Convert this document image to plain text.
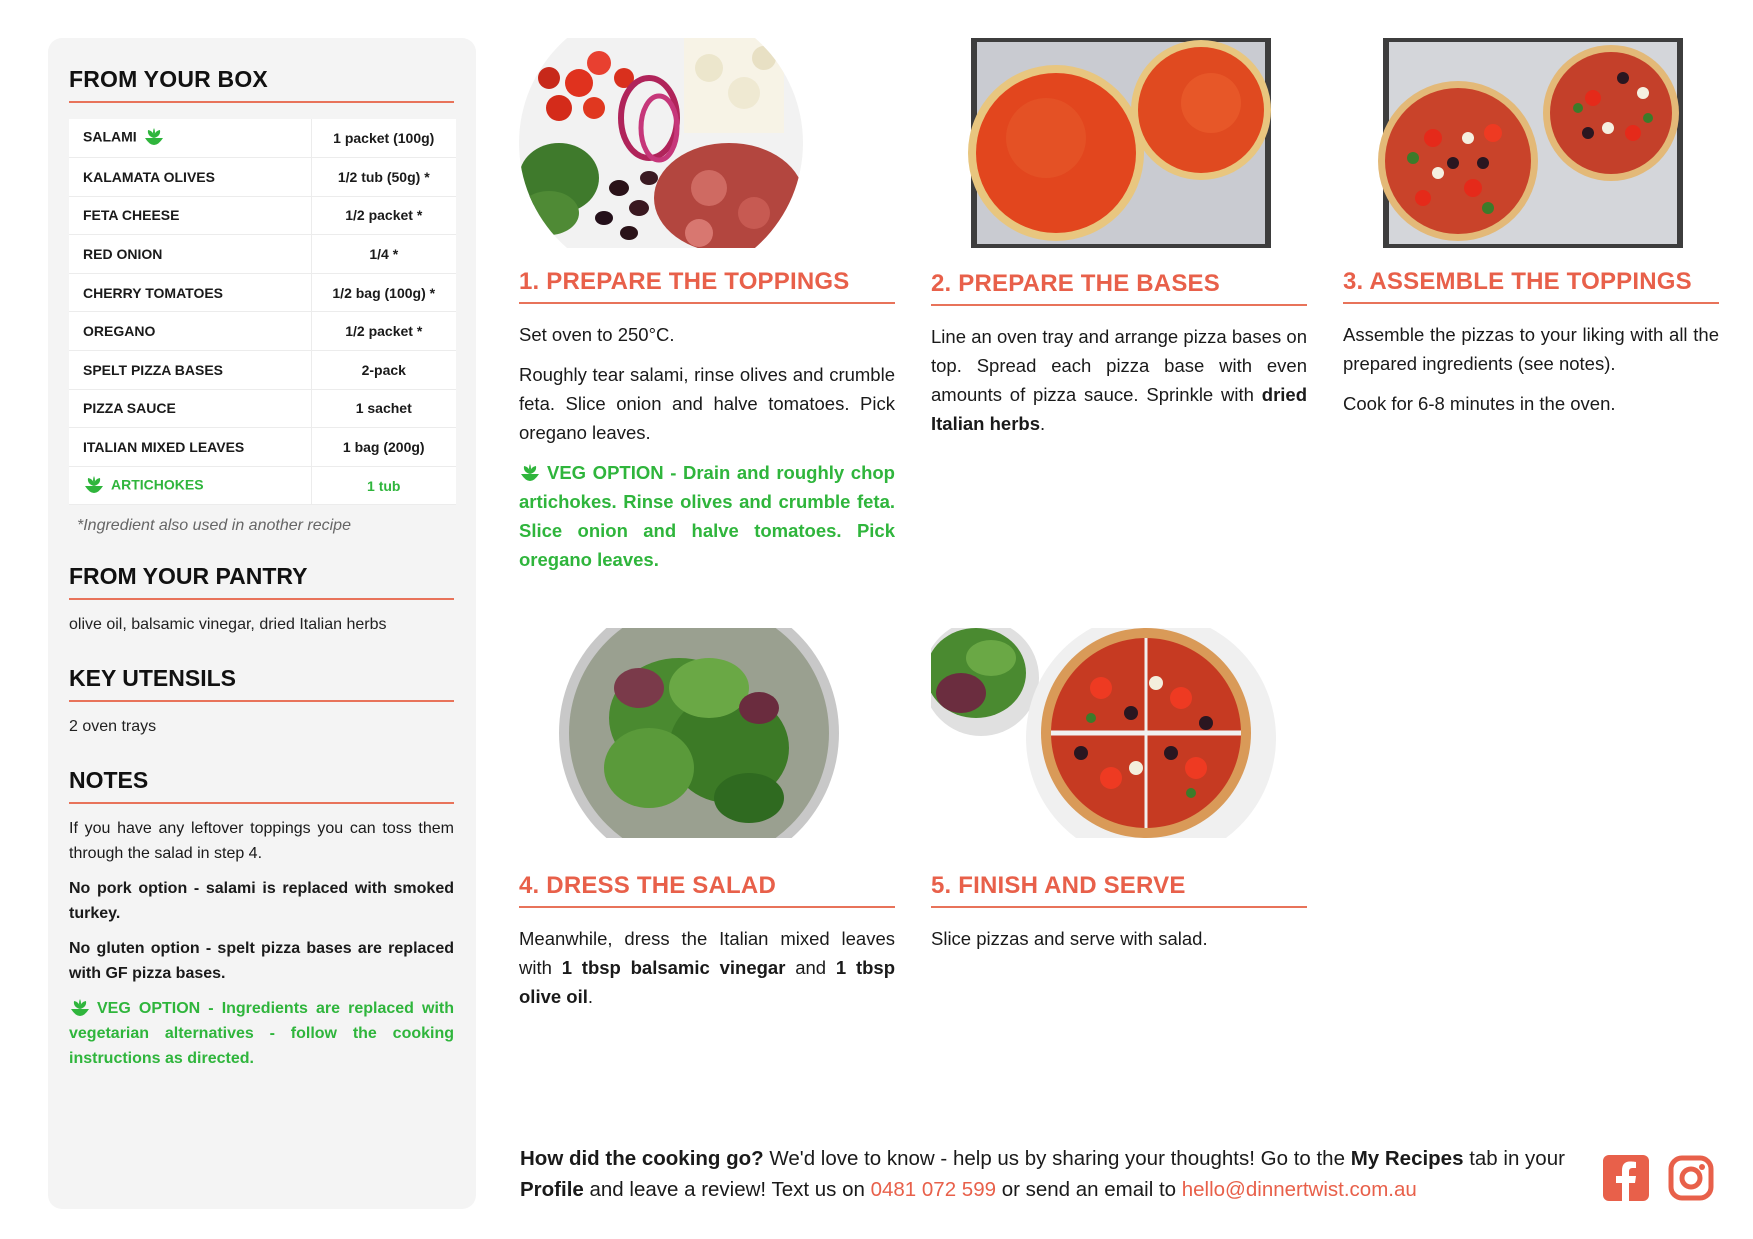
FROM YOUR BOX
SALAMI	1 packet (100g)
KALAMATA OLIVES	1/2 tub (50g) *
FETA CHEESE	1/2 packet *
RED ONION	1/4 *
CHERRY TOMATOES	1/2 bag (100g) *
OREGANO	1/2 packet *
SPELT PIZZA BASES	2-pack
PIZZA SAUCE	1 sachet
ITALIAN MIXED LEAVES	1 bag (200g)
ARTICHOKES	1 tub
*Ingredient also used in another recipe
FROM YOUR PANTRY
olive oil, balsamic vinegar, dried Italian herbs
KEY UTENSILS
2 oven trays
NOTES

If you have any leftover toppings you can toss them through the salad in step 4.

No pork option - salami is replaced with smoked turkey.

No gluten option - spelt pizza bases are replaced with GF pizza bases.

VEG OPTION - Ingredients are replaced with vegetarian alternatives - follow the cooking instructions as directed.

1. PREPARE THE TOPPINGS

Set oven to 250°C.

Roughly tear salami, rinse olives and crumble feta. Slice onion and halve tomatoes. Pick oregano leaves.

VEG OPTION - Drain and roughly chop artichokes. Rinse olives and crumble feta. Slice onion and halve tomatoes. Pick oregano leaves.

2. PREPARE THE BASES

Line an oven tray and arrange pizza bases on top. Spread each pizza base with even amounts of pizza sauce. Sprinkle with dried Italian herbs.

3. ASSEMBLE THE TOPPINGS

Assemble the pizzas to your liking with all the prepared ingredients (see notes).

Cook for 6-8 minutes in the oven.

4. DRESS THE SALAD

Meanwhile, dress the Italian mixed leaves with 1 tbsp balsamic vinegar and 1 tbsp olive oil.

5. FINISH AND SERVE

Slice pizzas and serve with salad.

How did the cooking go? We'd love to know - help us by sharing your thoughts! Go to the My Recipes tab in your Profile and leave a review! Text us on 0481 072 599 or send an email to hello@dinnertwist.com.au
